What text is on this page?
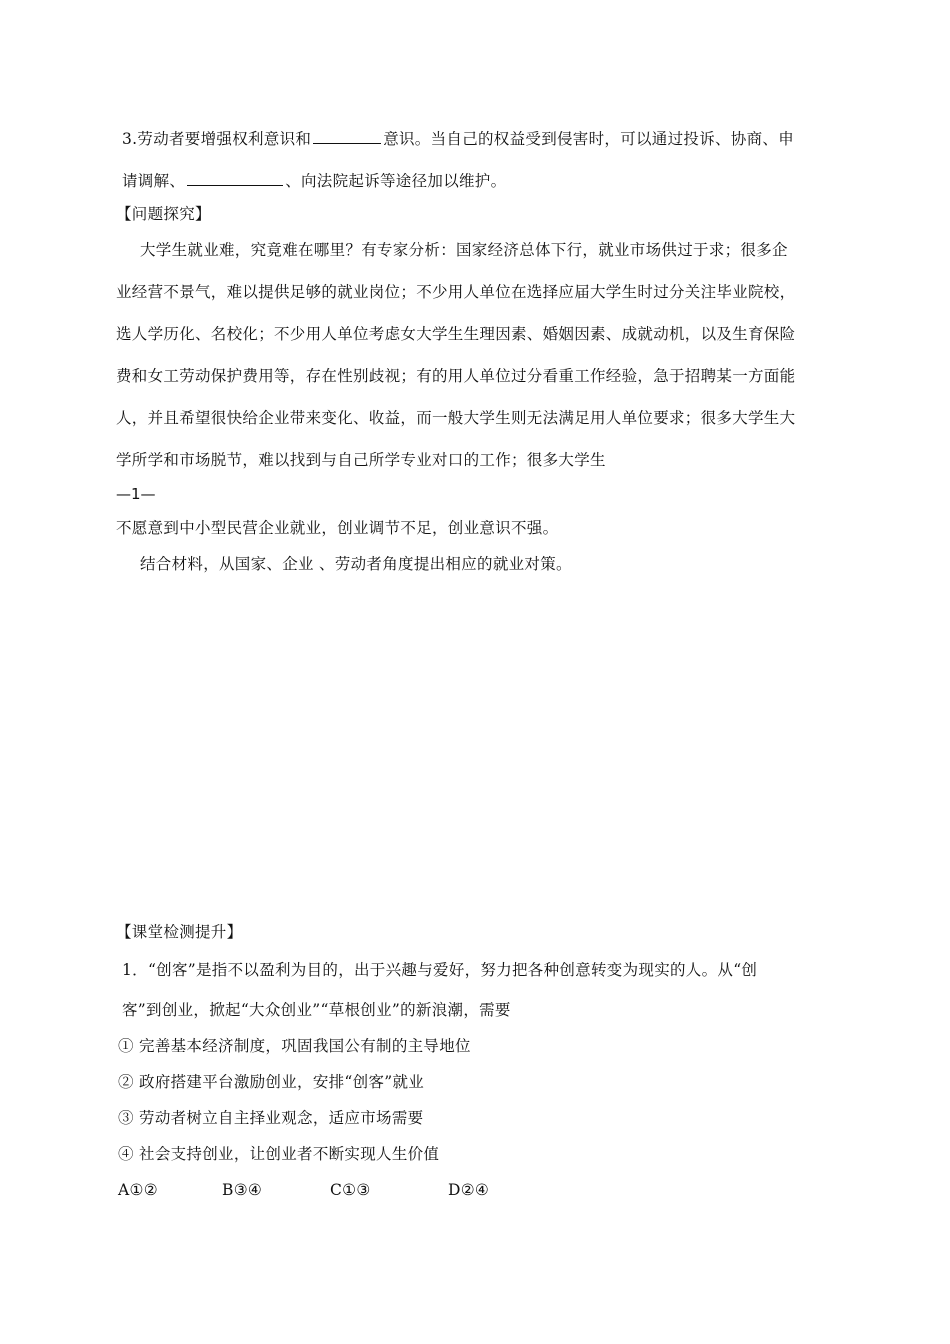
3.劳动者要增强权利意识和	意识。当自己的权益受到侵害时，可以通过投诉、协商、申
请调解、	、向法院起诉等途径加以维护。
【问题探究】
大学生就业难，究竟难在哪里？有专家分析：国家经济总体下行，就业市场供过于求；很多企
业经营不景气，难以提供足够的就业岗位；不少用人单位在选择应届大学生时过分关注毕业院校，
选人学历化、名校化；不少用人单位考虑女大学生生理因素、婚姻因素、成就动机，以及生育保险
费和女工劳动保护费用等，存在性别歧视；有的用人单位过分看重工作经验，急于招聘某一方面能
人，并且希望很快给企业带来变化、收益，而一般大学生则无法满足用人单位要求；很多大学生大
学所学和市场脱节，难以找到与自己所学专业对口的工作；很多大学生
—1—
不愿意到中小型民营企业就业，创业调节不足，创业意识不强。
结合材料，从国家、企业 、劳动者角度提出相应的就业对策。
【课堂检测提升】
1．“创客”是指不以盈利为目的，出于兴趣与爱好，努力把各种创意转变为现实的人。从“创
客”到创业，掀起“大众创业”“草根创业”的新浪潮，需要
① 完善基本经济制度，巩固我国公有制的主导地位
② 政府搭建平台激励创业，安排“创客”就业
③ 劳动者树立自主择业观念，适应市场需要
④ 社会支持创业，让创业者不断实现人生价值
A①②	B③④	C①③	D②④
